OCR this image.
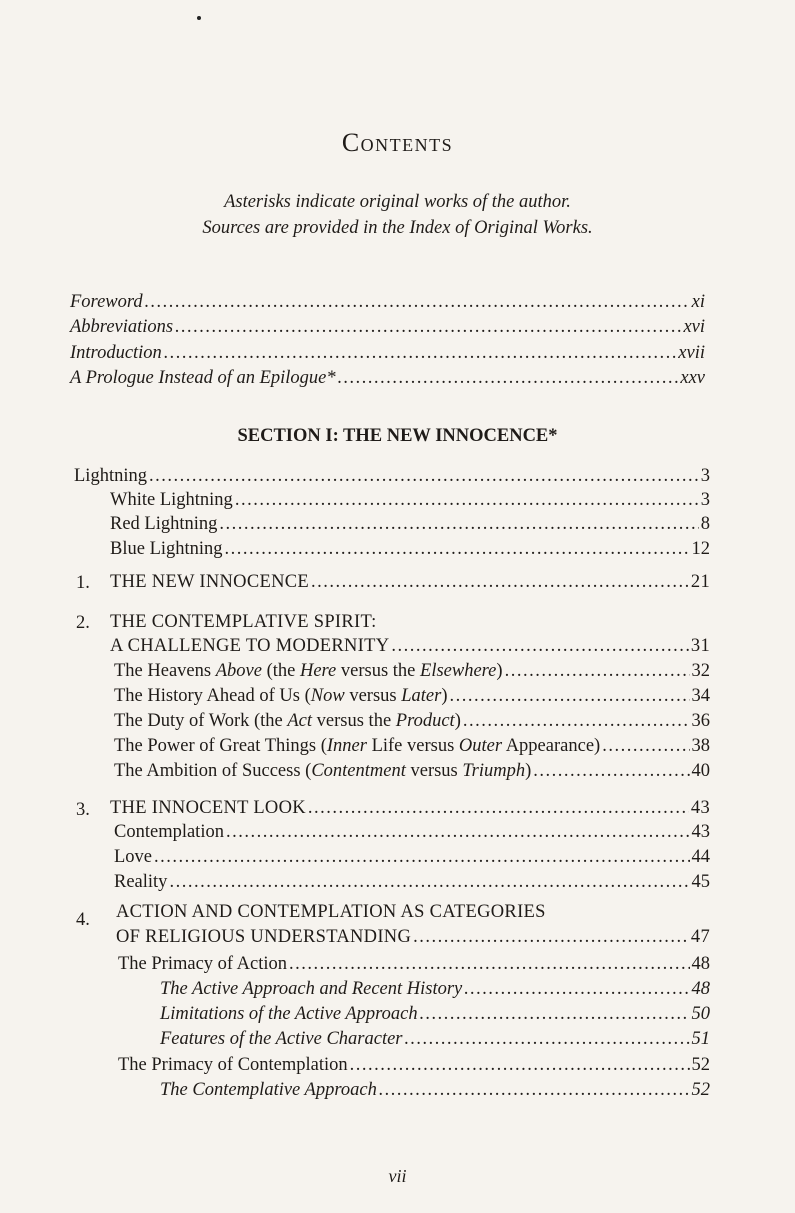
Contents
Asterisks indicate original works of the author.
Sources are provided in the Index of Original Works.
Foreword .....	xi
Abbreviations .....	xvi
Introduction .....	xvii
A Prologue Instead of an Epilogue* .....	xxv
SECTION I: THE NEW INNOCENCE*
Lightning .....	3
White Lightning .....	3
Red Lightning .....	8
Blue Lightning .....	12
1. THE NEW INNOCENCE .....	21
2. THE CONTEMPLATIVE SPIRIT:
A CHALLENGE TO MODERNITY .....	31
The Heavens Above (the Here versus the Elsewhere) .....	32
The History Ahead of Us (Now versus Later) .....	34
The Duty of Work (the Act versus the Product) .....	36
The Power of Great Things (Inner Life versus Outer Appearance) .....	38
The Ambition of Success (Contentment versus Triumph) .....	40
3. THE INNOCENT LOOK .....	43
Contemplation .....	43
Love .....	44
Reality .....	45
4. ACTION AND CONTEMPLATION AS CATEGORIES
OF RELIGIOUS UNDERSTANDING .....	47
The Primacy of Action .....	48
The Active Approach and Recent History .....	48
Limitations of the Active Approach .....	50
Features of the Active Character .....	51
The Primacy of Contemplation .....	52
The Contemplative Approach .....	52
vii
